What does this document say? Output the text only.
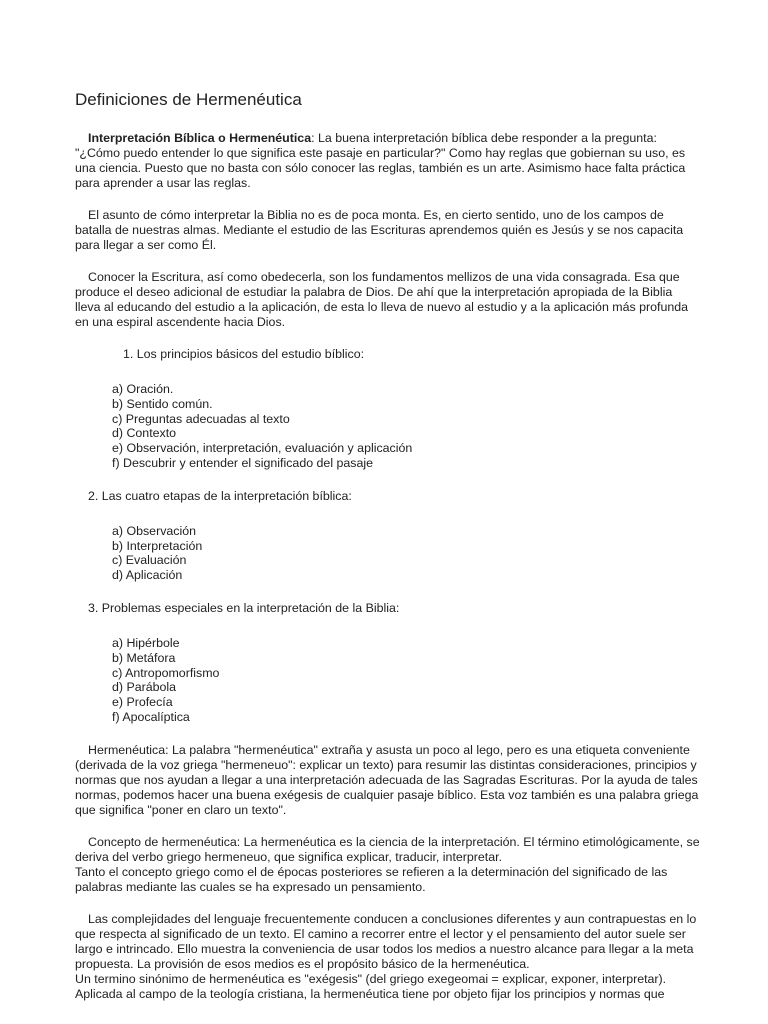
Definiciones de Hermenéutica

Interpretación Bíblica o Hermenéutica: La buena interpretación bíblica debe responder a la pregunta: "¿Cómo puedo entender lo que significa este pasaje en particular?" Como hay reglas que gobiernan su uso, es una ciencia. Puesto que no basta con sólo conocer las reglas, también es un arte. Asimismo hace falta práctica para aprender a usar las reglas.

El asunto de cómo interpretar la Biblia no es de poca monta. Es, en cierto sentido, uno de los campos de batalla de nuestras almas. Mediante el estudio de las Escrituras aprendemos quién es Jesús y se nos capacita para llegar a ser como Él.

Conocer la Escritura, así como obedecerla, son los fundamentos mellizos de una vida consagrada. Esa que produce el deseo adicional de estudiar la palabra de Dios. De ahí que la interpretación apropiada de la Biblia lleva al educando del estudio a la aplicación, de esta lo lleva de nuevo al estudio y a la aplicación más profunda en una espiral ascendente hacia Dios.

1. Los principios básicos del estudio bíblico:
a) Oración.
b) Sentido común.
c) Preguntas adecuadas al texto
d) Contexto
e) Observación, interpretación, evaluación y aplicación
f) Descubrir y entender el significado del pasaje
2. Las cuatro etapas de la interpretación bíblica:
a) Observación
b) Interpretación
c) Evaluación
d) Aplicación
3. Problemas especiales en la interpretación de la Biblia:
a) Hipérbole
b) Metáfora
c) Antropomorfismo
d) Parábola
e) Profecía
f) Apocalíptica

Hermenéutica: La palabra "hermenéutica" extraña y asusta un poco al lego, pero es una etiqueta conveniente (derivada de la voz griega "hermeneuo": explicar un texto) para resumir las distintas consideraciones, principios y normas que nos ayudan a llegar a una interpretación adecuada de las Sagradas Escrituras. Por la ayuda de tales normas, podemos hacer una buena exégesis de cualquier pasaje bíblico. Esta voz también es una palabra griega que significa "poner en claro un texto".

Concepto de hermenéutica: La hermenéutica es la ciencia de la interpretación. El término etimológicamente, se deriva del verbo griego hermeneuo, que significa explicar, traducir, interpretar.
Tanto el concepto griego como el de épocas posteriores se refieren a la determinación del significado de las palabras mediante las cuales se ha expresado un pensamiento.

Las complejidades del lenguaje frecuentemente conducen a conclusiones diferentes y aun contrapuestas en lo que respecta al significado de un texto. El camino a recorrer entre el lector y el pensamiento del autor suele ser largo e intrincado. Ello muestra la conveniencia de usar todos los medios a nuestro alcance para llegar a la meta propuesta. La provisión de esos medios es el propósito básico de la hermenéutica.
Un termino sinónimo de hermenéutica es "exégesis" (del griego exegeomai = explicar, exponer, interpretar). Aplicada al campo de la teología cristiana, la hermenéutica tiene por objeto fijar los principios y normas que
